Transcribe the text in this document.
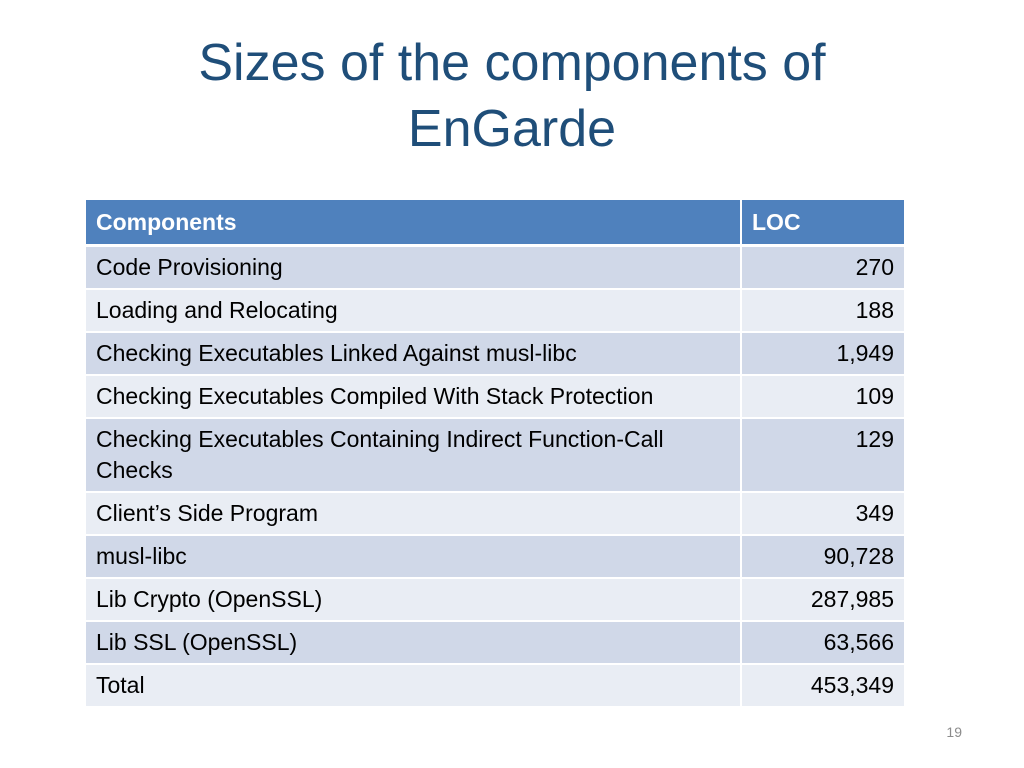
Sizes of the components of
EnGarde
Components	LOC
Code Provisioning	270
Loading and Relocating	188
Checking Executables Linked Against musl-libc	1,949
Checking Executables Compiled With Stack Protection	109
Checking Executables Containing Indirect Function-Call Checks	129
Client’s Side Program	349
musl-libc	90,728
Lib Crypto (OpenSSL)	287,985
Lib SSL (OpenSSL)	63,566
Total	453,349
19
